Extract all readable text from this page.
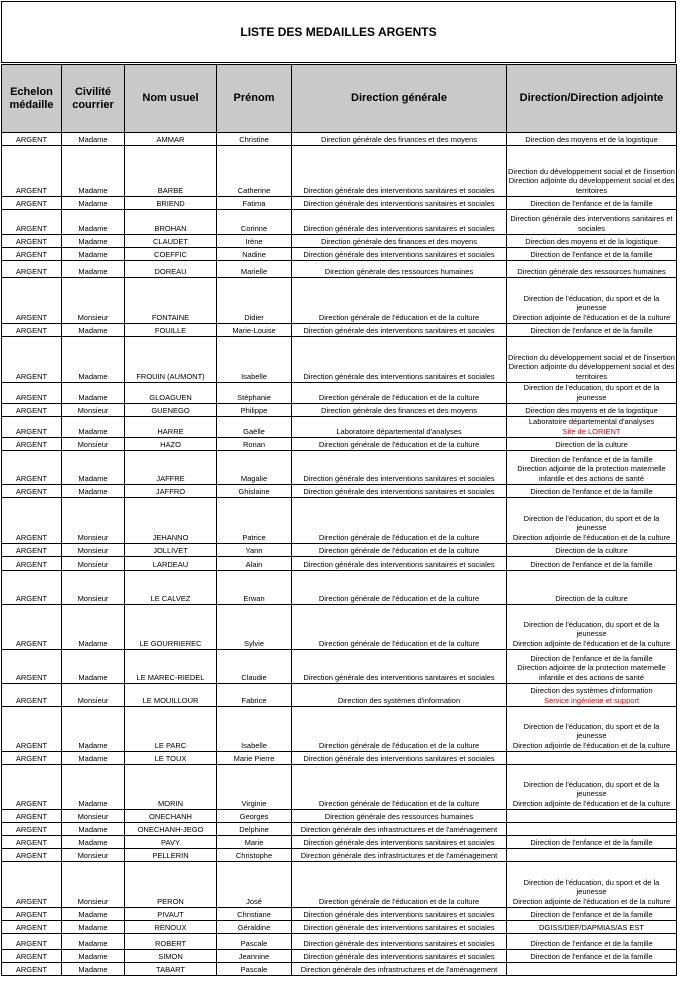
LISTE DES MEDAILLES ARGENTS
Echelon médaille	Civilité courrier	Nom usuel	Prénom	Direction générale	Direction/Direction adjointe
ARGENT	Madame	AMMAR	Christine	Direction générale des finances et des moyens	Direction des moyens et de la logistique

ARGENT	Madame	BARBE	Catherine	Direction générale des interventions sanitaires et sociales	Direction du développement social et de l'insertion
Direction adjointe du développement social et des territoires

ARGENT	Madame	BRIEND	Fatima	Direction générale des interventions sanitaires et sociales	Direction de l'enfance et de la famille

ARGENT	Madame	BROHAN	Corinne	Direction générale des interventions sanitaires et sociales	Direction générale des interventions sanitaires et sociales

ARGENT	Madame	CLAUDET	Irène	Direction générale des finances et des moyens	Direction des moyens et de la logistique

ARGENT	Madame	COEFFIC	Nadine	Direction générale des interventions sanitaires et sociales	Direction de l'enfance et de la famille

ARGENT	Madame	DOREAU	Marielle	Direction générale des ressources humaines	Direction générale des ressources humaines

ARGENT	Monsieur	FONTAINE	Didier	Direction générale de l'éducation et de la culture	Direction de l'éducation, du sport et de la jeunesse
Direction adjointe de l'éducation et de la culture

ARGENT	Madame	FOUILLE	Marie-Louise	Direction générale des interventions sanitaires et sociales	Direction de l'enfance et de la famille

ARGENT	Madame	FROUIN (AUMONT)	Isabelle	Direction générale des interventions sanitaires et sociales	Direction du développement social et de l'insertion
Direction adjointe du développement social et des territoires

ARGENT	Madame	GLOAGUEN	Stéphanie	Direction générale de l'éducation et de la culture	Direction de l'éducation, du sport et de la jeunesse

ARGENT	Monsieur	GUENEGO	Philippe	Direction générale des finances et des moyens	Direction des moyens et de la logistique

ARGENT	Madame	HARRE	Gaëlle	Laboratoire départemental d'analyses	Laboratoire départemental d'analyses
Site de LORIENT

ARGENT	Monsieur	HAZO	Ronan	Direction générale de l'éducation et de la culture	Direction de la culture

ARGENT	Madame	JAFFRE	Magalie	Direction générale des interventions sanitaires et sociales	Direction de l'enfance et de la famille
Direction adjointe de la protection maternelle infantile et des actions de santé

ARGENT	Madame	JAFFRO	Ghislaine	Direction générale des interventions sanitaires et sociales	Direction de l'enfance et de la famille

ARGENT	Monsieur	JEHANNO	Patrice	Direction générale de l'éducation et de la culture	Direction de l'éducation, du sport et de la jeunesse
Direction adjointe de l'éducation et de la culture

ARGENT	Monsieur	JOLLIVET	Yann	Direction générale de l'éducation et de la culture	Direction de la culture

ARGENT	Monsieur	LARDEAU	Alain	Direction générale des interventions sanitaires et sociales	Direction de l'enfance et de la famille

ARGENT	Monsieur	LE CALVEZ	Erwan	Direction générale de l'éducation et de la culture	Direction de la culture

ARGENT	Madame	LE GOURRIEREC	Sylvie	Direction générale de l'éducation et de la culture	Direction de l'éducation, du sport et de la jeunesse
Direction adjointe de l'éducation et de la culture

ARGENT	Madame	LE MAREC-RIEDEL	Claudie	Direction générale des interventions sanitaires et sociales	Direction de l'enfance et de la famille
Direction adjointe de la protection maternelle infantile et des actions de santé

ARGENT	Monsieur	LE MOUILLOUR	Fabrice	Direction des systèmes d'information	Direction des systèmes d'information
Service ingénierie et support

ARGENT	Madame	LE PARC	Isabelle	Direction générale de l'éducation et de la culture	Direction de l'éducation, du sport et de la jeunesse
Direction adjointe de l'éducation et de la culture

ARGENT	Madame	LE TOUX	Marie Pierre	Direction générale des interventions sanitaires et sociales	
ARGENT	Madame	MORIN	Virginie	Direction générale de l'éducation et de la culture	Direction de l'éducation, du sport et de la jeunesse
Direction adjointe de l'éducation et de la culture

ARGENT	Monsieur	ONECHANH	Georges	Direction générale des ressources humaines	
ARGENT	Madame	ONECHANH-JEGO	Delphine	Direction générale des infrastructures et de l'aménagement	
ARGENT	Madame	PAVY	Marie	Direction générale des interventions sanitaires et sociales	Direction de l'enfance et de la famille

ARGENT	Monsieur	PELLERIN	Christophe	Direction générale des infrastructures et de l'aménagement	
ARGENT	Monsieur	PERON	José	Direction générale de l'éducation et de la culture	Direction de l'éducation, du sport et de la jeunesse
Direction adjointe de l'éducation et de la culture

ARGENT	Madame	PIVAUT	Christiane	Direction générale des interventions sanitaires et sociales	Direction de l'enfance et de la famille

ARGENT	Madame	RENOUX	Géraldine	Direction générale des interventions sanitaires et sociales	DGISS/DEF/DAPMIAS/AS EST

ARGENT	Madame	ROBERT	Pascale	Direction générale des interventions sanitaires et sociales	Direction de l'enfance et de la famille

ARGENT	Madame	SIMON	Jeannine	Direction générale des interventions sanitaires et sociales	Direction de l'enfance et de la famille

ARGENT	Madame	TABART	Pascale	Direction générale des infrastructures et de l'aménagement	
